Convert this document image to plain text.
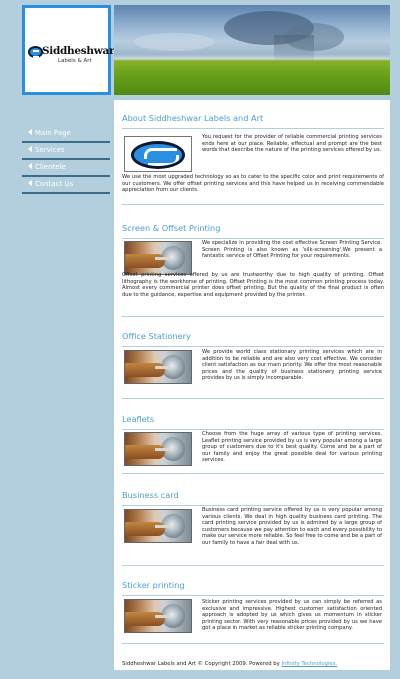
Siddheshwar
Labels & Art
Main Page
Services
Clientele
Contact Us
About Siddheshwar Labels and Art
You request for the provider of reliable commercial printing services ends here at our place. Reliable, effectual and prompt are the best words that describe the nature of the printing services offered by us.
We use the most upgraded technology so as to cater to the specific color and print requirements of our customers. We offer offset printing services and this have helped us in receiving commendable appreciation from our clients.
Screen & Offset Printing
We specialize in providing the cost effective Screen Printing Service. Screen Printing is also known as 'silk-screening'.We present a fantastic service of Offset Printing for your requirements.
Offset printing services offered by us are trustworthy due to high quality of printing. Offset lithography is the workhorse of printing. Offset Printing is the most common printing process today. Almost every commercial printer does offset printing. But the quality of the final product is often due to the guidance, expertise and equipment provided by the printer.
Office Stationery
We provide world class stationary printing services which are in addition to be reliable and are also very cost effective. We consider client satisfaction as our main priority. We offer the most reasonable prices and the quality of business stationery printing service provides by us is simply incomparable.
Leaflets
Choose from the huge array of various type of printing services. Leaflet printing service provided by us is very popular among a large group of customers due to it's best quality. Come and be a part of our family and enjoy the great possible deal for various printing services.
Business card
Business card printing service offered by us is very popular among various clients. We deal in high quality business card printing. The card printing service provided by us is admired by a large group of customers because we pay attention to each and every possibility to make our service more reliable. So feel free to come and be a part of our family to have a fair deal with us.
Sticker printing
Sticker printing services provided by us can simply be referred as exclusive and impressive. Highest customer satisfaction oriented approach is adopted by us which gives us momentum in sticker printing sector. With very reasonable prices provided by us we have got a place in market as reliable sticker printing company.
Siddheshwar Labels and Art © Copyright 2009. Powered by Infinity Technologies.
